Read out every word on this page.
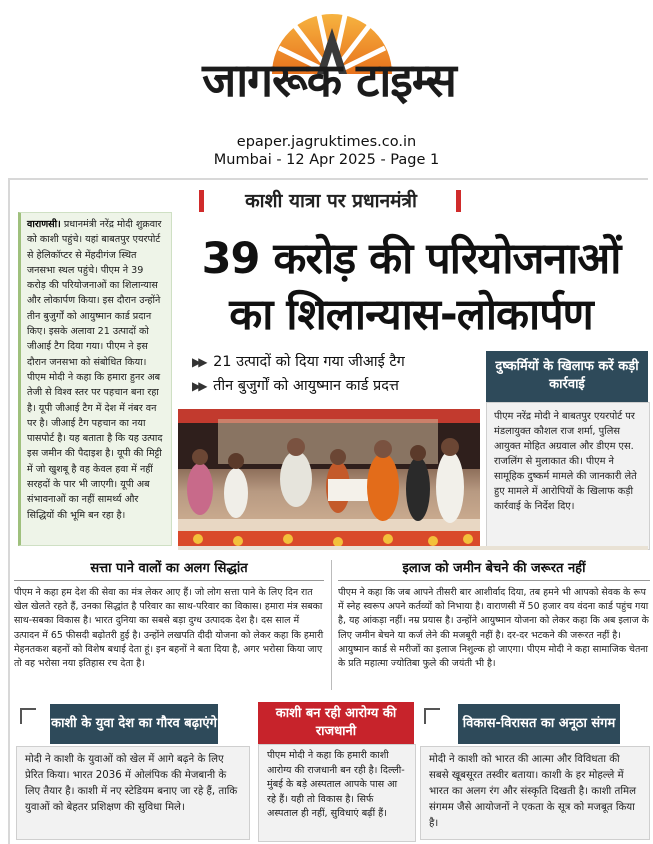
जागरूक टाइम्स
epaper.jagruktimes.co.in
Mumbai - 12 Apr 2025 - Page 1
काशी यात्रा पर प्रधानमंत्री
39 करोड़ की परियोजनाओं
का शिलान्यास-लोकार्पण

वाराणसी। प्रधानमंत्री नरेंद्र मोदी शुक्रवार को काशी पहुंचे। यहां बाबतपुर एयरपोर्ट से हेलिकॉप्टर से मेंहदीगंज स्थित जनसभा स्थल पहुंचे। पीएम ने 39 करोड़ की परियोजनाओं का शिलान्यास और लोकार्पण किया। इस दौरान उन्होंने तीन बुजुर्गों को आयुष्मान कार्ड प्रदान किए। इसके अलावा 21 उत्पादों को जीआई टैग दिया गया। पीएम ने इस दौरान जनसभा को संबोधित किया।पीएम मोदी ने कहा कि हमारा हुनर अब तेजी से विश्व स्तर पर पहचान बना रहा है। यूपी जीआई टैग में देश में नंबर वन पर है। जीआई टैग पहचान का नया पासपोर्ट है। यह बताता है कि यह उत्पाद इस जमीन की पैदाइश है। यूपी की मिट्टी में जो खुशबू है वह केवल हवा में नहीं सरहदों के पार भी जाएगी। यूपी अब संभावनाओं का नहीं सामर्थ्य और सिद्धियों की भूमि बन रहा है।

▶▶ 21 उत्पादों को दिया गया जीआई टैग
▶▶ तीन बुजुर्गों को आयुष्मान कार्ड प्रदत्त
दुष्कर्मियों के खिलाफ करें कड़ी कार्रवाई

पीएम नरेंद्र मोदी ने बाबतपुर एयरपोर्ट पर मंडलायुक्त कौशल राज शर्मा, पुलिस आयुक्त मोहित अग्रवाल और डीएम एस. राजलिंग से मुलाकात की। पीएम ने सामूहिक दुष्कर्म मामले की जानकारी लेते हुए मामले में आरोपियों के खिलाफ कड़ी कार्रवाई के निर्देश दिए।

सत्ता पाने वालों का अलग सिद्धांत

पीएम ने कहा हम देश की सेवा का मंत्र लेकर आए हैं। जो लोग सत्ता पाने के लिए दिन रात खेल खेलते रहते हैं, उनका सिद्धांत है परिवार का साथ-परिवार का विकास। हमारा मंत्र सबका साथ-सबका विकास है। भारत दुनिया का सबसे बड़ा दुग्ध उत्पादक देश है। दस साल में उत्पादन में 65 फीसदी बढ़ोतरी हुई है। उन्होंने लखपति दीदी योजना को लेकर कहा कि हमारी मेहनतकश बहनों को विशेष बधाई देता हूं। इन बहनों ने बता दिया है, अगर भरोसा किया जाए तो वह भरोसा नया इतिहास रच देता है।

इलाज को जमीन बेचने की जरूरत नहीं

पीएम ने कहा कि जब आपने तीसरी बार आशीर्वाद दिया, तब हमने भी आपको सेवक के रूप में स्नेह स्वरूप अपने कर्तव्यों को निभाया है। वाराणसी में 50 हजार वय वंदना कार्ड पहुंच गया है, यह आंकड़ा नहीं। नम्र प्रयास है। उन्होंने आयुष्मान योजना को लेकर कहा कि अब इलाज के लिए जमीन बेचने या कर्ज लेने की मजबूरी नहीं है। दर-दर भटकने की जरूरत नहीं है। आयुष्मान कार्ड से मरीजों का इलाज निशुल्क हो जाएगा। पीएम मोदी ने कहा सामाजिक चेतना के प्रति महात्मा ज्योतिबा फुले की जयंती भी है।

काशी के युवा देश का गौरव बढ़ाएंगे

मोदी ने काशी के युवाओं को खेल में आगे बढ़ने के लिए प्रेरित किया। भारत 2036 में ओलंपिक की मेजबानी के लिए तैयार है। काशी में नए स्टेडियम बनाए जा रहे हैं, ताकि युवाओं को बेहतर प्रशिक्षण की सुविधा मिले।

काशी बन रही आरोग्य की राजधानी

पीएम मोदी ने कहा कि हमारी काशी आरोग्य की राजधानी बन रही है। दिल्ली-मुंबई के बड़े अस्पताल आपके पास आ रहे हैं। यही तो विकास है। सिर्फ अस्पताल ही नहीं, सुविधाएं बढ़ीं हैं।

विकास-विरासत का अनूठा संगम

मोदी ने काशी को भारत की आत्मा और विविधता की सबसे खूबसूरत तस्वीर बताया। काशी के हर मोहल्ले में भारत का अलग रंग और संस्कृति दिखती है। काशी तमिल संगमम जैसे आयोजनों ने एकता के सूत्र को मजबूत किया है।
